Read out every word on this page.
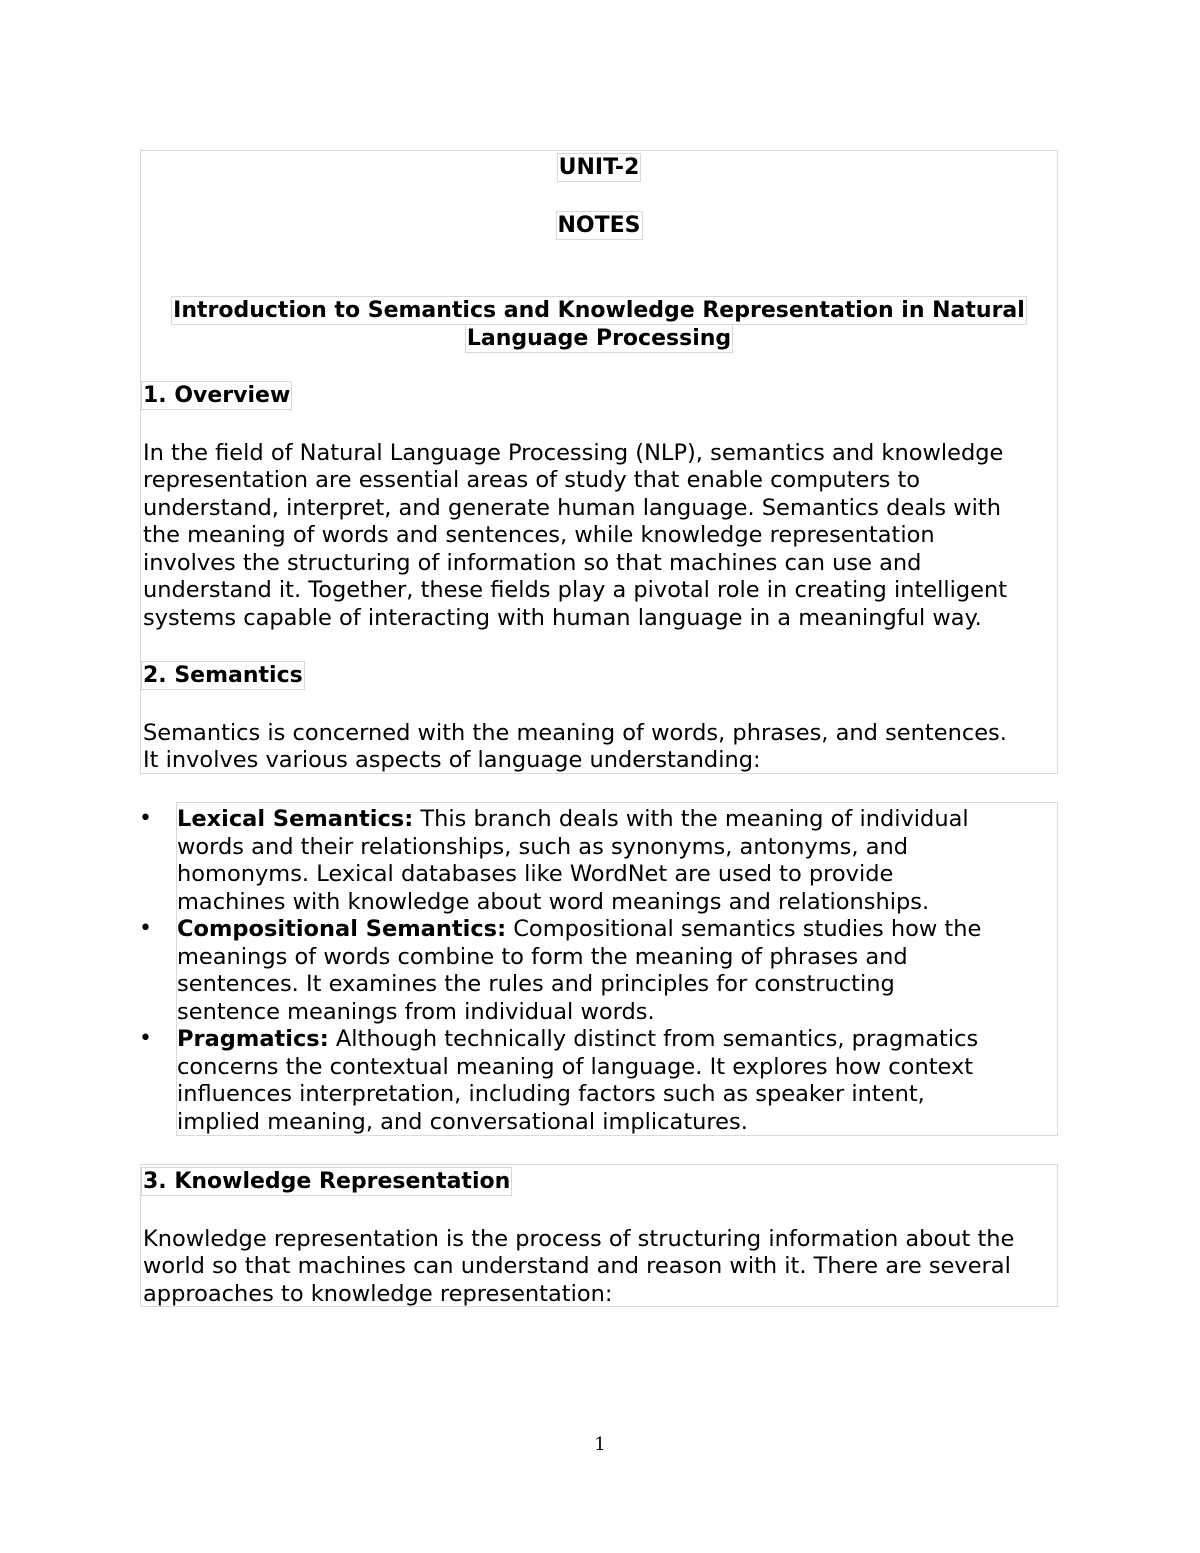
UNIT-2

NOTES

Introduction to Semantics and Knowledge Representation in Natural
Language Processing

1. Overview

In the field of Natural Language Processing (NLP), semantics and knowledge

representation are essential areas of study that enable computers to

understand, interpret, and generate human language. Semantics deals with

the meaning of words and sentences, while knowledge representation

involves the structuring of information so that machines can use and

understand it. Together, these fields play a pivotal role in creating intelligent

systems capable of interacting with human language in a meaningful way.

2. Semantics

Semantics is concerned with the meaning of words, phrases, and sentences.

It involves various aspects of language understanding:

• Lexical Semantics: This branch deals with the meaning of individual

words and their relationships, such as synonyms, antonyms, and

homonyms. Lexical databases like WordNet are used to provide

machines with knowledge about word meanings and relationships.

• Compositional Semantics: Compositional semantics studies how the

meanings of words combine to form the meaning of phrases and

sentences. It examines the rules and principles for constructing

sentence meanings from individual words.

• Pragmatics: Although technically distinct from semantics, pragmatics

concerns the contextual meaning of language. It explores how context

influences interpretation, including factors such as speaker intent,

implied meaning, and conversational implicatures.

3. Knowledge Representation

Knowledge representation is the process of structuring information about the

world so that machines can understand and reason with it. There are several

approaches to knowledge representation:

1
